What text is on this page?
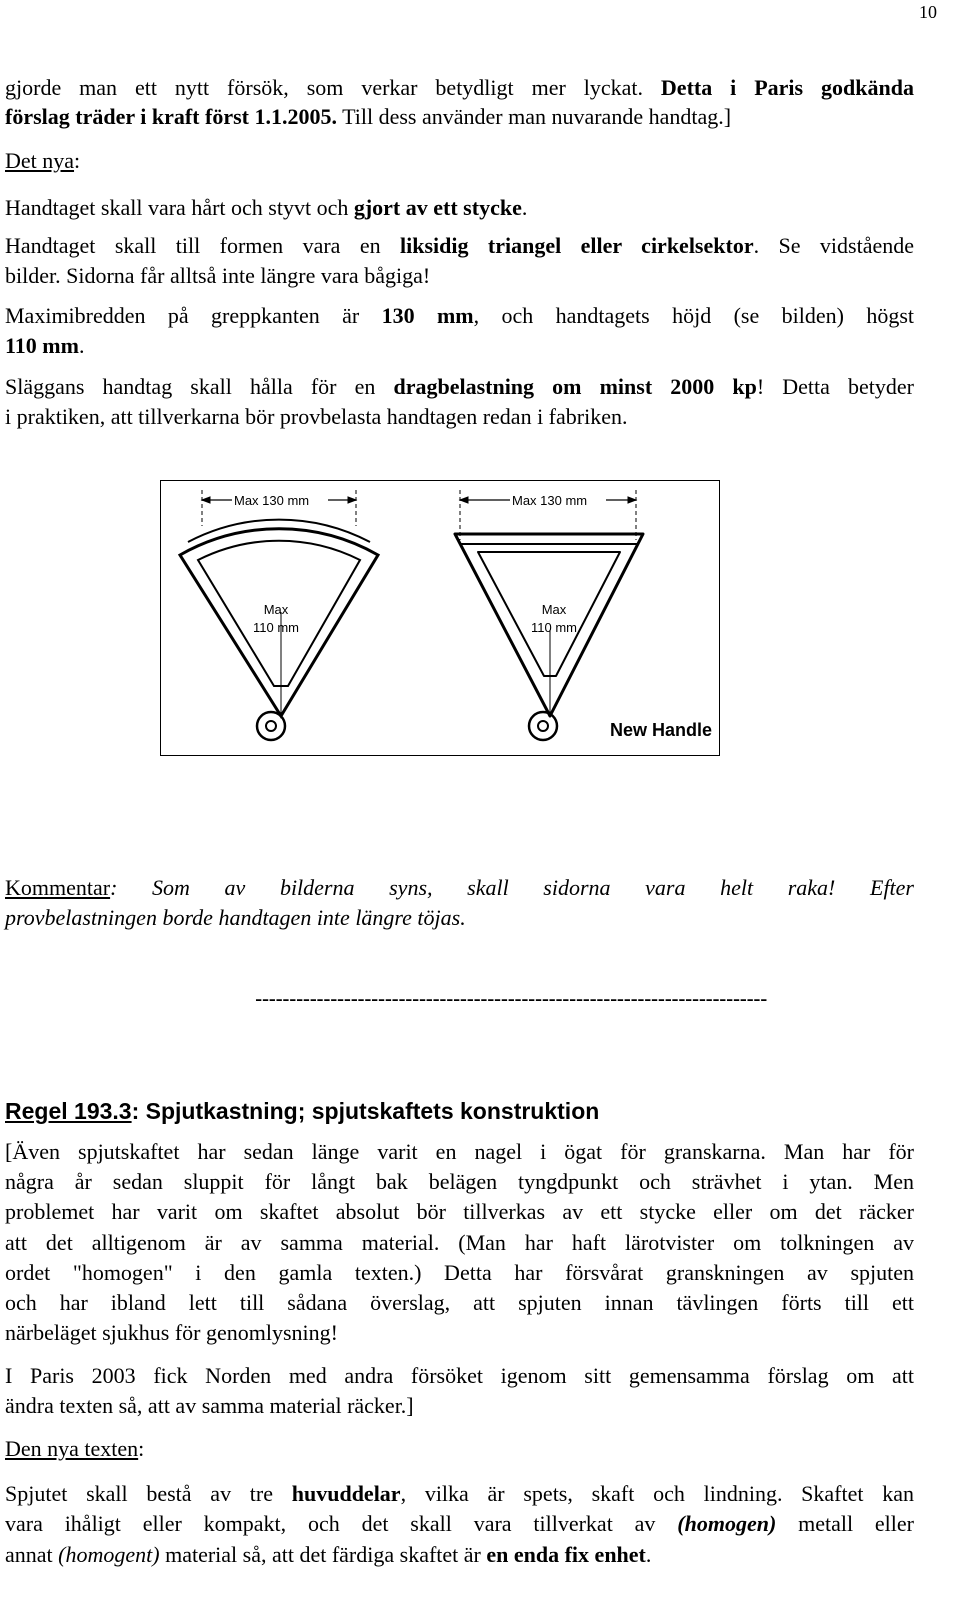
10
gjorde man ett nytt försök, som verkar betydligt mer lyckat. Detta i Paris godkända
förslag träder i kraft först 1.1.2005. Till dess använder man nuvarande handtag.]
Det nya:
Handtaget skall vara hårt och styvt och gjort av ett stycke.
Handtaget skall till formen vara en liksidig triangel eller cirkelsektor. Se vidstående
bilder. Sidorna får alltså inte längre vara bågiga!
Maximibredden på greppkanten är 130 mm, och handtagets höjd (se bilden) högst
110 mm.
Släggans handtag skall hålla för en dragbelastning om minst 2000 kp! Detta betyder
i praktiken, att tillverkarna bör provbelasta handtagen redan i fabriken.
Max 130 mm	Max 130 mm
Max
110 mm
Max
110 mm
New Handle
Kommentar: Som av bilderna syns, skall sidorna vara helt raka! Efter
provbelastningen borde handtagen inte längre töjas.
---------------------------------------------------------------------------
Regel 193.3: Spjutkastning; spjutskaftets konstruktion
[Även spjutskaftet har sedan länge varit en nagel i ögat för granskarna. Man har för
några år sedan sluppit för långt bak belägen tyngdpunkt och strävhet i ytan. Men
problemet har varit om skaftet absolut bör tillverkas av ett stycke eller om det räcker
att det alltigenom är av samma material. (Man har haft lärotvister om tolkningen av
ordet "homogen" i den gamla texten.) Detta har försvårat granskningen av spjuten
och har ibland lett till sådana överslag, att spjuten innan tävlingen förts till ett
närbeläget sjukhus för genomlysning!
I Paris 2003 fick Norden med andra försöket igenom sitt gemensamma förslag om att
ändra texten så, att av samma material räcker.]
Den nya texten:
Spjutet skall bestå av tre huvuddelar, vilka är spets, skaft och lindning. Skaftet kan
vara ihåligt eller kompakt, och det skall vara tillverkat av (homogen) metall eller
annat (homogent) material så, att det färdiga skaftet är en enda fix enhet.
